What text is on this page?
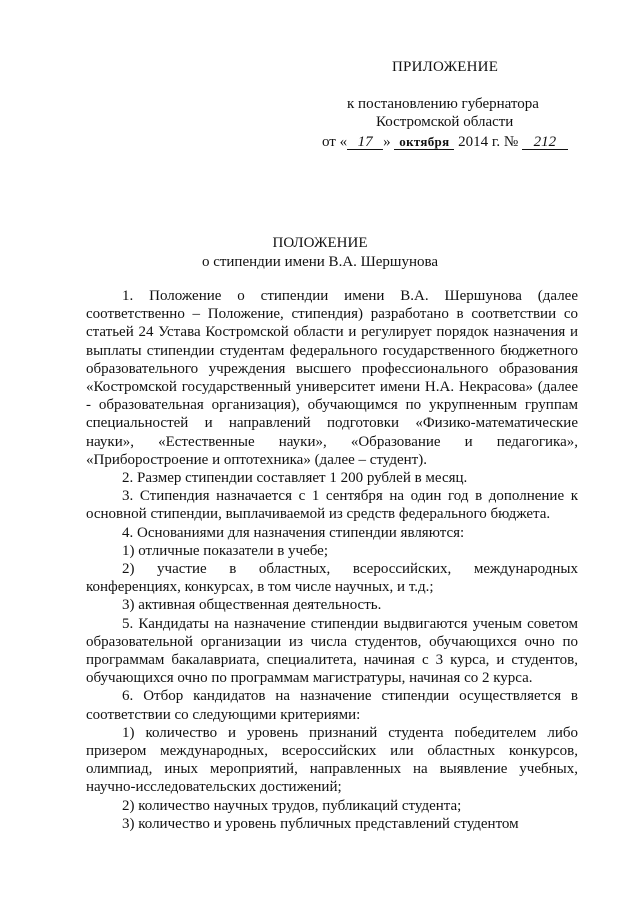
ПРИЛОЖЕНИЕ
к постановлению губернатора
Костромской области
от « 17 » октября 2014 г. № 212
ПОЛОЖЕНИЕ
о стипендии имени В.А. Шершунова

1. Положение о стипендии имени В.А. Шершунова (далее соответственно – Положение, стипендия) разработано в соответствии со статьей 24 Устава Костромской области и регулирует порядок назначения и выплаты стипендии студентам федерального государственного бюджетного образовательного учреждения высшего профессионального образования «Костромской государственный университет имени Н.А. Некрасова» (далее - образовательная организация), обучающимся по укрупненным группам специальностей и направлений подготовки «Физико-математические науки», «Естественные науки», «Образование и педагогика», «Приборостроение и оптотехника» (далее – студент).

2. Размер стипендии составляет 1 200 рублей в месяц.

3. Стипендия назначается с 1 сентября на один год в дополнение к основной стипендии, выплачиваемой из средств федерального бюджета.

4. Основаниями для назначения стипендии являются:

1) отличные показатели в учебе;

2) участие в областных, всероссийских, международных конференциях, конкурсах, в том числе научных, и т.д.;

3) активная общественная деятельность.

5. Кандидаты на назначение стипендии выдвигаются ученым советом образовательной организации из числа студентов, обучающихся очно по программам бакалавриата, специалитета, начиная с 3 курса, и студентов, обучающихся очно по программам магистратуры, начиная со 2 курса.

6. Отбор кандидатов на назначение стипендии осуществляется в соответствии со следующими критериями:

1) количество и уровень признаний студента победителем либо призером международных, всероссийских или областных конкурсов, олимпиад, иных мероприятий, направленных на выявление учебных, научно-исследовательских достижений;

2) количество научных трудов, публикаций студента;

3) количество и уровень публичных представлений студентом
